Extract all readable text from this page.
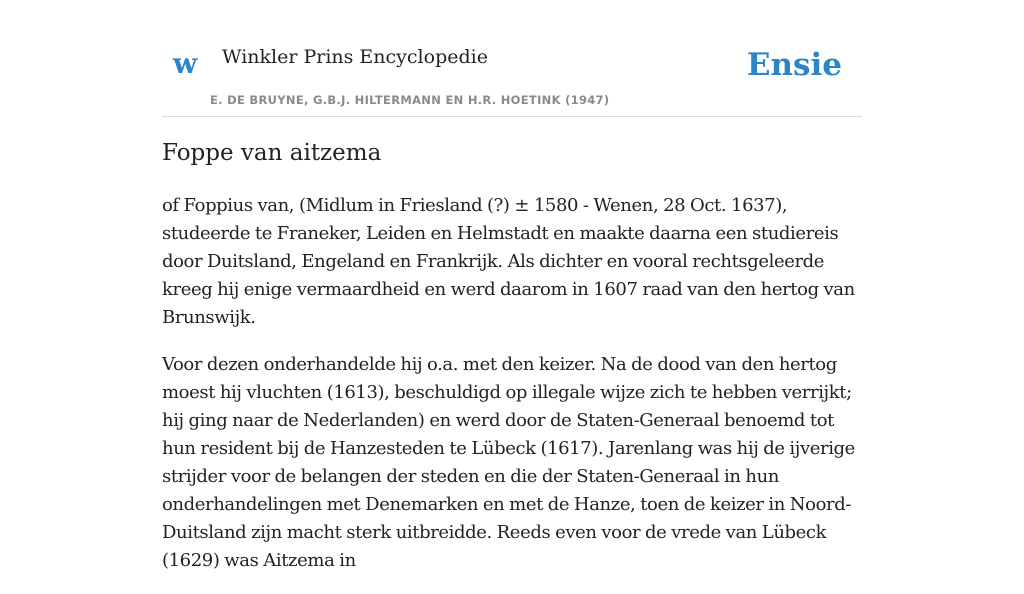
w Winkler Prins Encyclopedie
E. DE BRUYNE, G.B.J. HILTERMANN EN H.R. HOETINK (1947)
Ensie
Foppe van aitzema

of Foppius van, (Midlum in Friesland (?) ± 1580 - Wenen, 28 Oct. 1637), studeerde te Franeker, Leiden en Helmstadt en maakte daarna een studiereis door Duitsland, Engeland en Frankrijk. Als dichter en vooral rechtsgeleerde kreeg hij enige vermaardheid en werd daarom in 1607 raad van den hertog van Brunswijk.

Voor dezen onderhandelde hij o.a. met den keizer. Na de dood van den hertog moest hij vluchten (1613), beschuldigd op illegale wijze zich te hebben verrijkt; hij ging naar de Nederlanden) en werd door de Staten-Generaal benoemd tot hun resident bij de Hanzesteden te Lübeck (1617). Jarenlang was hij de ijverige strijder voor de belangen der steden en die der Staten-Generaal in hun onderhandelingen met Denemarken en met de Hanze, toen de keizer in Noord-Duitsland zijn macht sterk uitbreidde. Reeds even voor de vrede van Lübeck (1629) was Aitzema in
